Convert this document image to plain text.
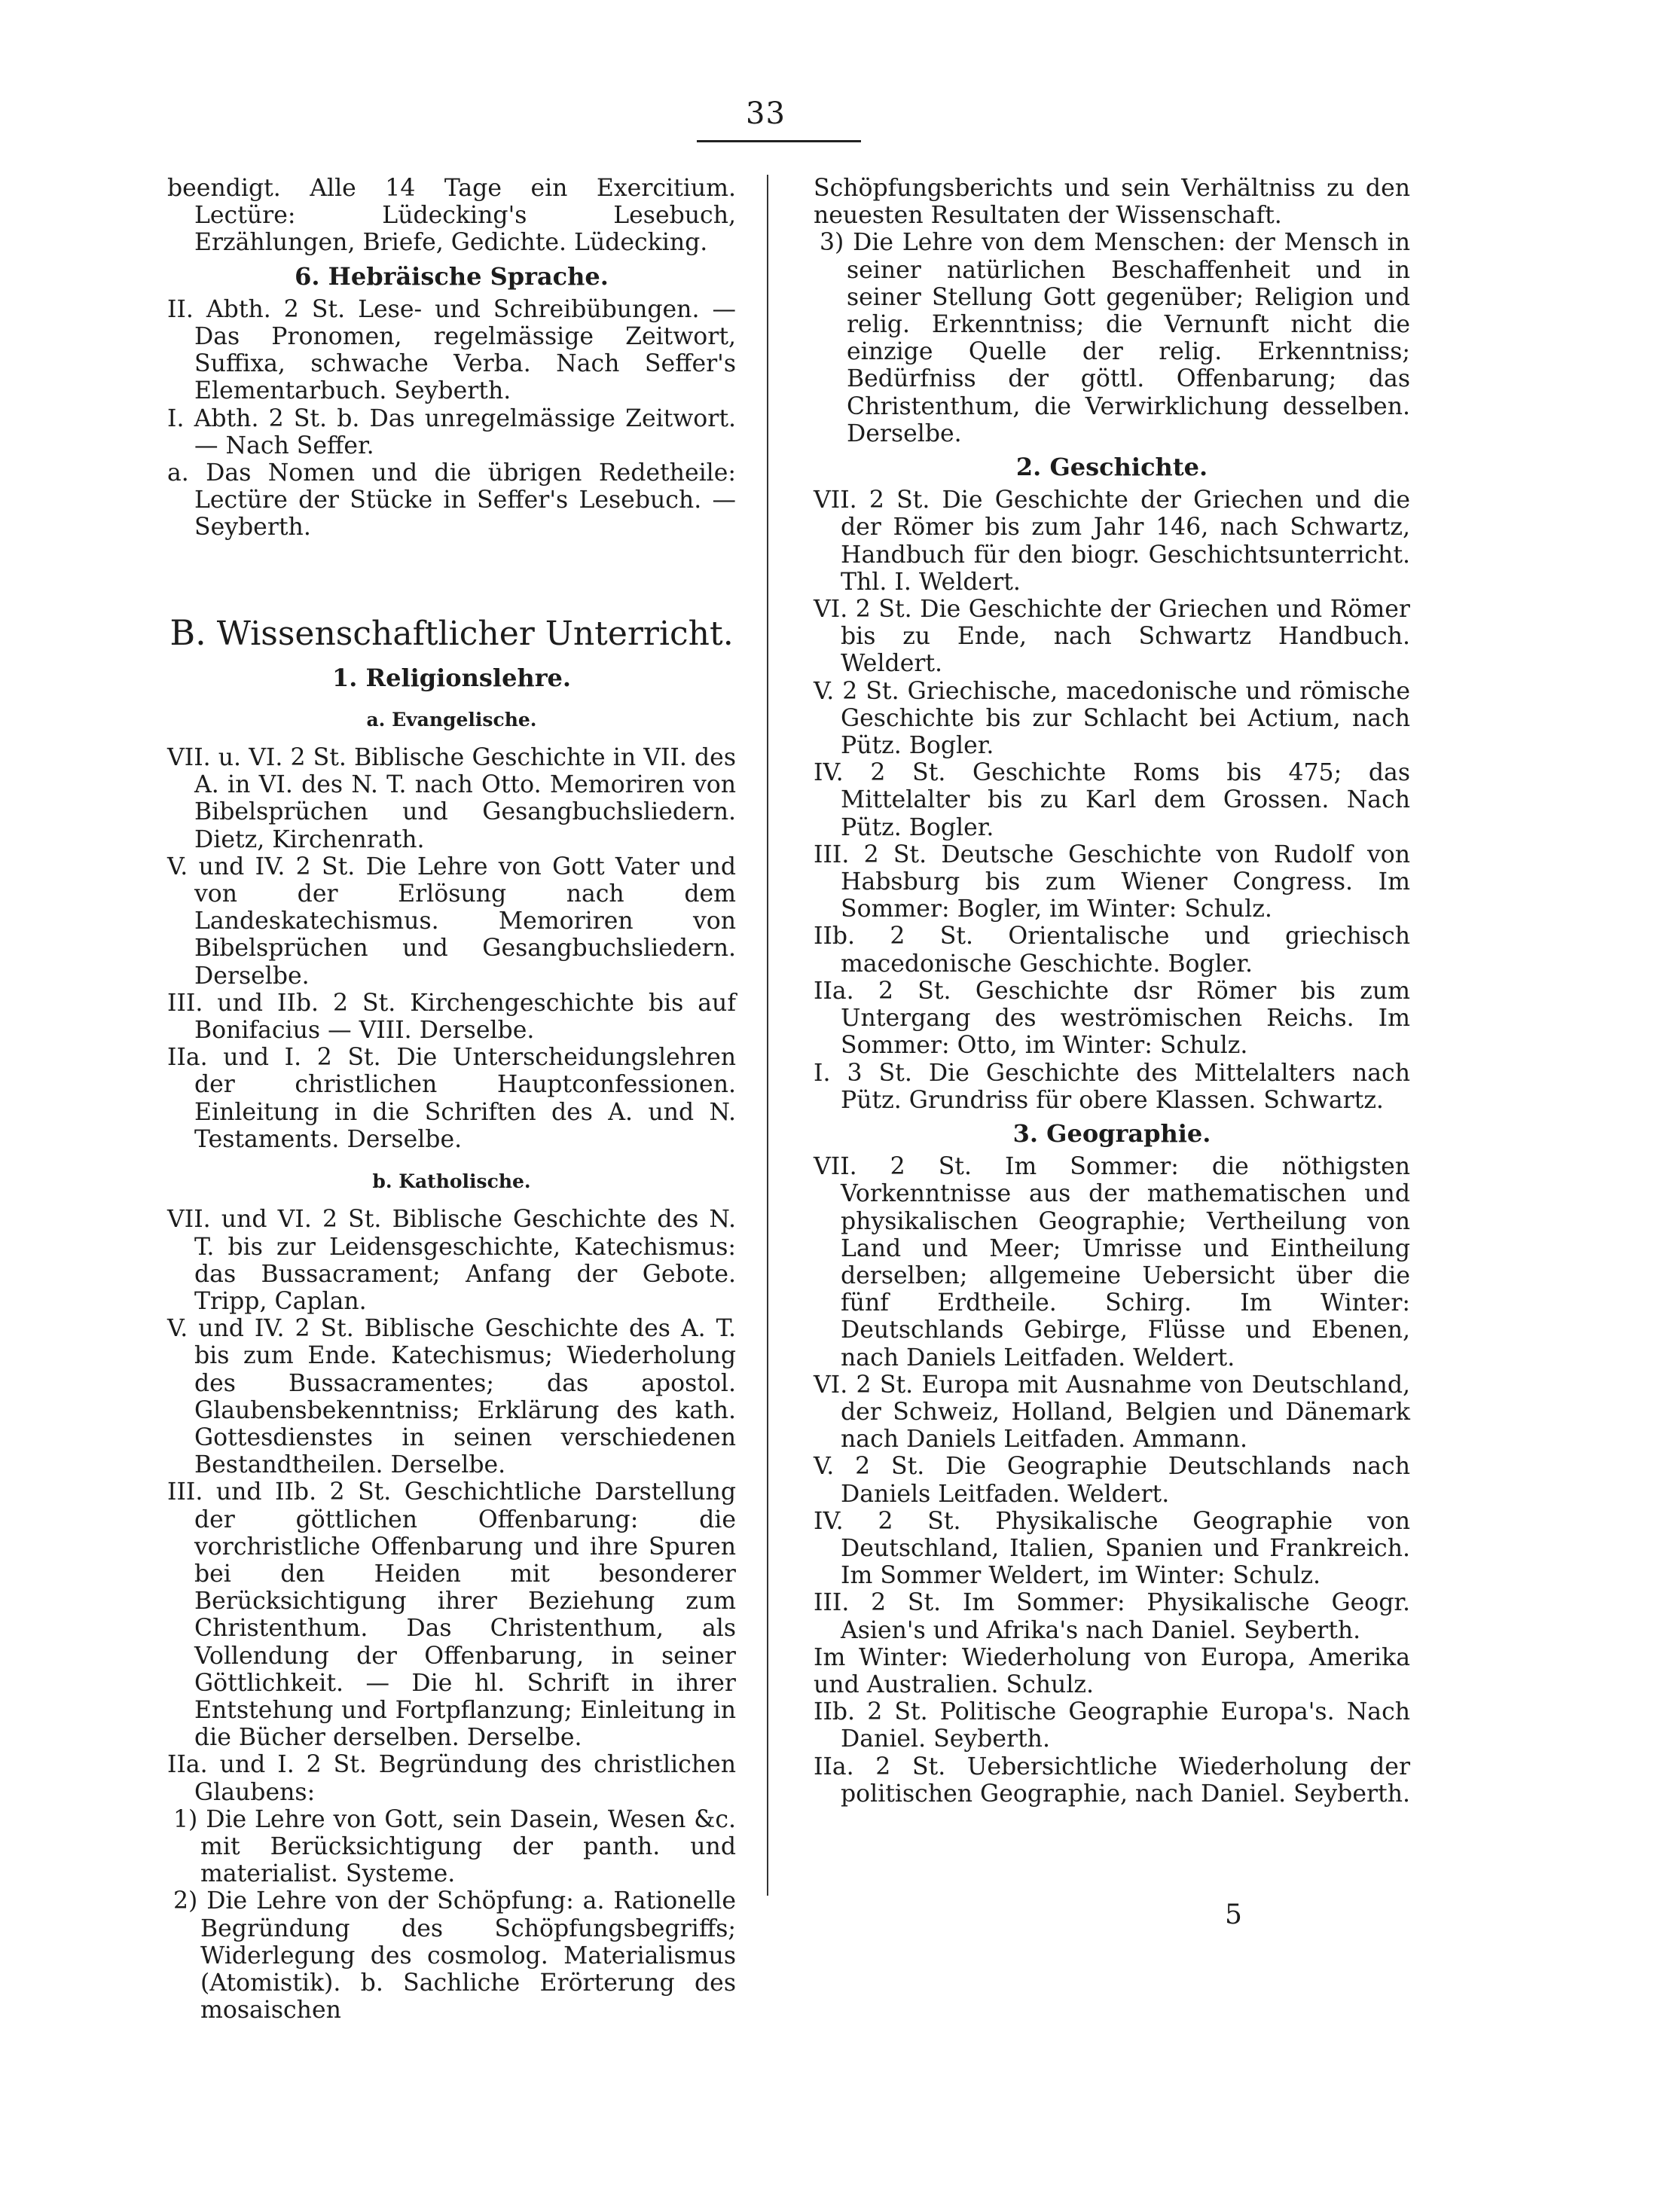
33

beendigt. Alle 14 Tage ein Exercitium. Lectüre: Lüdecking's Lesebuch, Erzählungen, Briefe, Gedichte. Lüdecking.

6. Hebräische Sprache.

II. Abth. 2 St. Lese- und Schreibübungen. — Das Pronomen, regelmässige Zeitwort, Suffixa, schwache Verba. Nach Seffer's Elementarbuch. Seyberth.

I. Abth. 2 St. b. Das unregelmässige Zeitwort. — Nach Seffer.

a. Das Nomen und die übrigen Redetheile: Lectüre der Stücke in Seffer's Lesebuch. — Seyberth.

B. Wissenschaftlicher Unterricht.

1. Religionslehre.

a. Evangelische.

VII. u. VI. 2 St. Biblische Geschichte in VII. des A. in VI. des N. T. nach Otto. Memoriren von Bibelsprüchen und Gesangbuchsliedern. Dietz, Kirchenrath.

V. und IV. 2 St. Die Lehre von Gott Vater und von der Erlösung nach dem Landeskatechismus. Memoriren von Bibelsprüchen und Gesangbuchsliedern. Derselbe.

III. und IIb. 2 St. Kirchengeschichte bis auf Bonifacius — VIII. Derselbe.

IIa. und I. 2 St. Die Unterscheidungslehren der christlichen Hauptconfessionen. Einleitung in die Schriften des A. und N. Testaments. Derselbe.

b. Katholische.

VII. und VI. 2 St. Biblische Geschichte des N. T. bis zur Leidensgeschichte, Katechismus: das Bussacrament; Anfang der Gebote. Tripp, Caplan.

V. und IV. 2 St. Biblische Geschichte des A. T. bis zum Ende. Katechismus; Wiederholung des Bussacramentes; das apostol. Glaubensbekenntniss; Erklärung des kath. Gottesdienstes in seinen verschiedenen Bestandtheilen. Derselbe.

III. und IIb. 2 St. Geschichtliche Darstellung der göttlichen Offenbarung: die vorchristliche Offenbarung und ihre Spuren bei den Heiden mit besonderer Berücksichtigung ihrer Beziehung zum Christenthum. Das Christenthum, als Vollendung der Offenbarung, in seiner Göttlichkeit. — Die hl. Schrift in ihrer Entstehung und Fortpflanzung; Einleitung in die Bücher derselben. Derselbe.

IIa. und I. 2 St. Begründung des christlichen Glaubens:

1) Die Lehre von Gott, sein Dasein, Wesen &c. mit Berücksichtigung der panth. und materialist. Systeme.

2) Die Lehre von der Schöpfung: a. Rationelle Begründung des Schöpfungsbegriffs; Widerlegung des cosmolog. Materialismus (Atomistik). b. Sachliche Erörterung des mosaischen

Schöpfungsberichts und sein Verhältniss zu den neuesten Resultaten der Wissenschaft.

3) Die Lehre von dem Menschen: der Mensch in seiner natürlichen Beschaffenheit und in seiner Stellung Gott gegenüber; Religion und relig. Erkenntniss; die Vernunft nicht die einzige Quelle der relig. Erkenntniss; Bedürfniss der göttl. Offenbarung; das Christenthum, die Verwirklichung desselben. Derselbe.

2. Geschichte.

VII. 2 St. Die Geschichte der Griechen und die der Römer bis zum Jahr 146, nach Schwartz, Handbuch für den biogr. Geschichtsunterricht. Thl. I. Weldert.

VI. 2 St. Die Geschichte der Griechen und Römer bis zu Ende, nach Schwartz Handbuch. Weldert.

V. 2 St. Griechische, macedonische und römische Geschichte bis zur Schlacht bei Actium, nach Pütz. Bogler.

IV. 2 St. Geschichte Roms bis 475; das Mittelalter bis zu Karl dem Grossen. Nach Pütz. Bogler.

III. 2 St. Deutsche Geschichte von Rudolf von Habsburg bis zum Wiener Congress. Im Sommer: Bogler, im Winter: Schulz.

IIb. 2 St. Orientalische und griechisch macedonische Geschichte. Bogler.

IIa. 2 St. Geschichte dsr Römer bis zum Untergang des weströmischen Reichs. Im Sommer: Otto, im Winter: Schulz.

I. 3 St. Die Geschichte des Mittelalters nach Pütz. Grundriss für obere Klassen. Schwartz.

3. Geographie.

VII. 2 St. Im Sommer: die nöthigsten Vorkenntnisse aus der mathematischen und physikalischen Geographie; Vertheilung von Land und Meer; Umrisse und Eintheilung derselben; allgemeine Uebersicht über die fünf Erdtheile. Schirg. Im Winter: Deutschlands Gebirge, Flüsse und Ebenen, nach Daniels Leitfaden. Weldert.

VI. 2 St. Europa mit Ausnahme von Deutschland, der Schweiz, Holland, Belgien und Dänemark nach Daniels Leitfaden. Ammann.

V. 2 St. Die Geographie Deutschlands nach Daniels Leitfaden. Weldert.

IV. 2 St. Physikalische Geographie von Deutschland, Italien, Spanien und Frankreich. Im Sommer Weldert, im Winter: Schulz.

III. 2 St. Im Sommer: Physikalische Geogr. Asien's und Afrika's nach Daniel. Seyberth.

Im Winter: Wiederholung von Europa, Amerika und Australien. Schulz.

IIb. 2 St. Politische Geographie Europa's. Nach Daniel. Seyberth.

IIa. 2 St. Uebersichtliche Wiederholung der politischen Geographie, nach Daniel. Seyberth.

5
